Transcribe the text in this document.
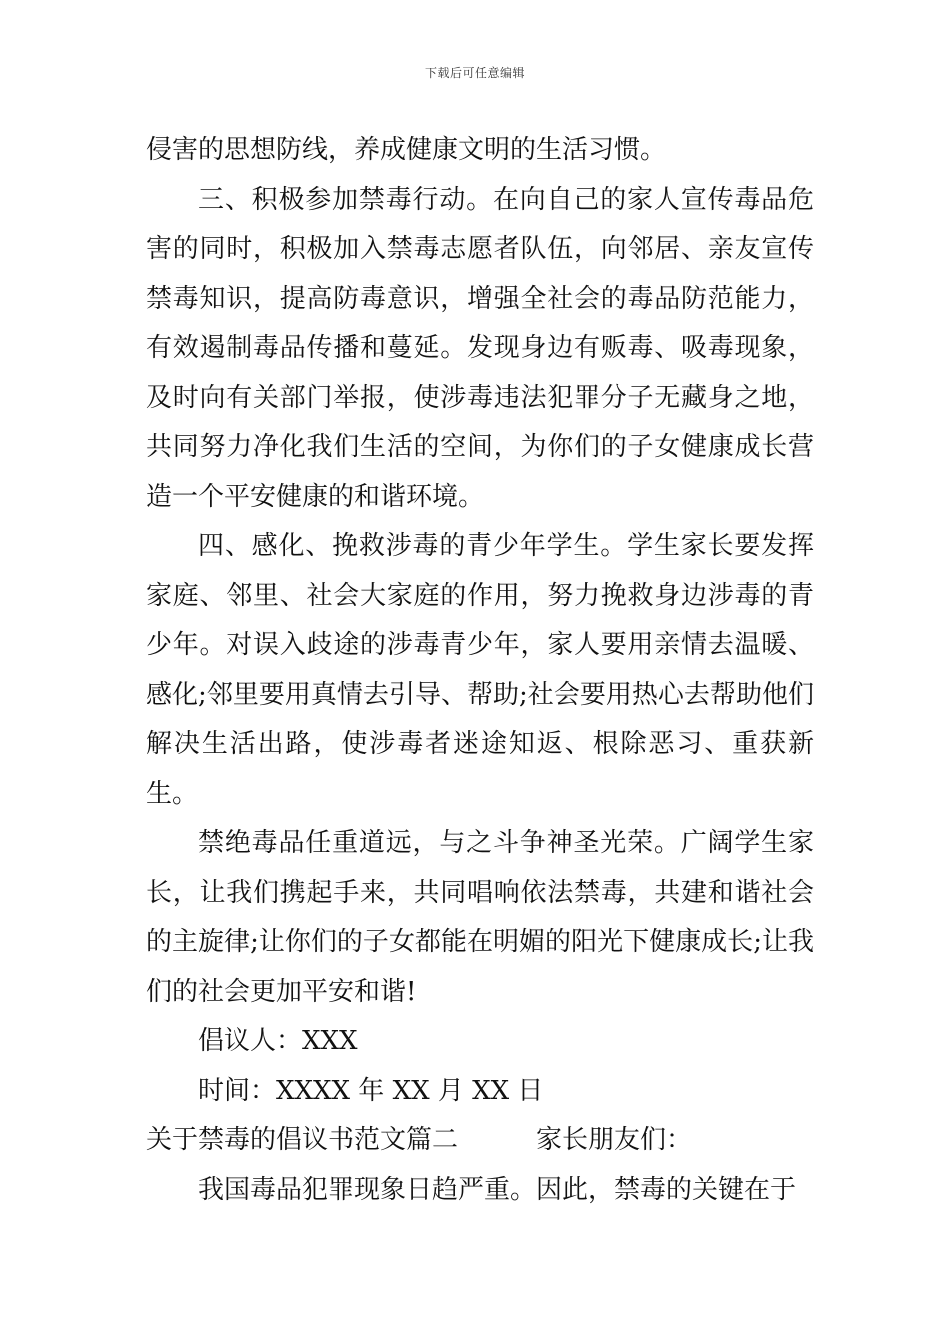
下载后可任意编辑

侵害的思想防线，养成健康文明的生活习惯。

三、积极参加禁毒行动。在向自己的家人宣传毒品危害的同时，积极加入禁毒志愿者队伍，向邻居、亲友宣传禁毒知识，提高防毒意识，增强全社会的毒品防范能力，有效遏制毒品传播和蔓延。发现身边有贩毒、吸毒现象，及时向有关部门举报，使涉毒违法犯罪分子无藏身之地，共同努力净化我们生活的空间，为你们的子女健康成长营造一个平安健康的和谐环境。

四、感化、挽救涉毒的青少年学生。学生家长要发挥家庭、邻里、社会大家庭的作用，努力挽救身边涉毒的青少年。对误入歧途的涉毒青少年，家人要用亲情去温暖、感化;邻里要用真情去引导、帮助;社会要用热心去帮助他们解决生活出路，使涉毒者迷途知返、根除恶习、重获新生。

禁绝毒品任重道远，与之斗争神圣光荣。广阔学生家长，让我们携起手来，共同唱响依法禁毒，共建和谐社会的主旋律;让你们的子女都能在明媚的阳光下健康成长;让我们的社会更加平安和谐!

倡议人：XXX

时间：XXXX 年 XX 月 XX 日

关于禁毒的倡议书范文篇二	家长朋友们：

我国毒品犯罪现象日趋严重。因此，禁毒的关键在于
